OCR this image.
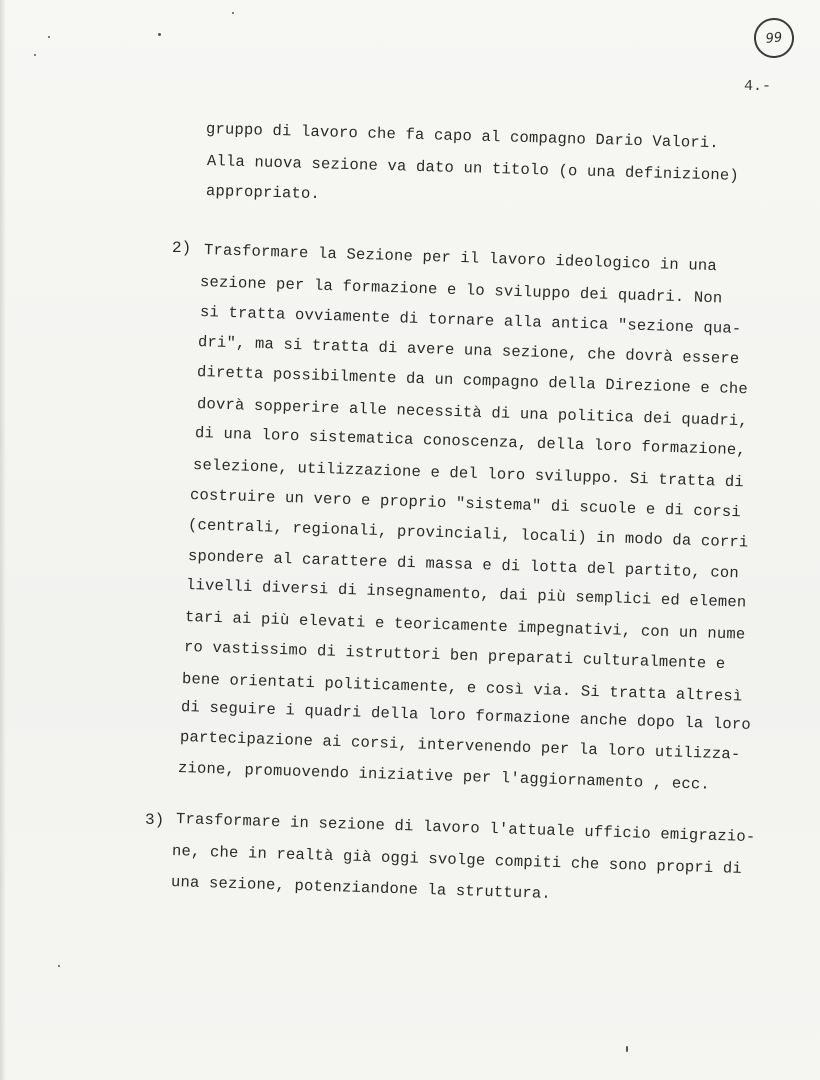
99
4.-
gruppo di lavoro che fa capo al compagno Dario Valori.
Alla nuova sezione va dato un titolo (o una definizione)
appropriato.
2) Trasformare la Sezione per il lavoro ideologico in una
sezione per la formazione e lo sviluppo dei quadri. Non
si tratta ovviamente di tornare alla antica "sezione qua-
dri", ma si tratta di avere una sezione, che dovrà essere
diretta possibilmente da un compagno della Direzione e che
dovrà sopperire alle necessità di una politica dei quadri,
di una loro sistematica conoscenza, della loro formazione,
selezione, utilizzazione e del loro sviluppo. Si tratta di
costruire un vero e proprio "sistema" di scuole e di corsi
(centrali, regionali, provinciali, locali) in modo da corri
spondere al carattere di massa e di lotta del partito, con
livelli diversi di insegnamento, dai più semplici ed elemen
tari ai più elevati e teoricamente impegnativi, con un nume
ro vastissimo di istruttori ben preparati culturalmente e
bene orientati politicamente, e così via. Si tratta altresì
di seguire i quadri della loro formazione anche dopo la loro
partecipazione ai corsi, intervenendo per la loro utilizza-
zione, promuovendo iniziative per l'aggiornamento , ecc.
3) Trasformare in sezione di lavoro l'attuale ufficio emigrazio-
ne, che in realtà già oggi svolge compiti che sono propri di
una sezione, potenziandone la struttura.
